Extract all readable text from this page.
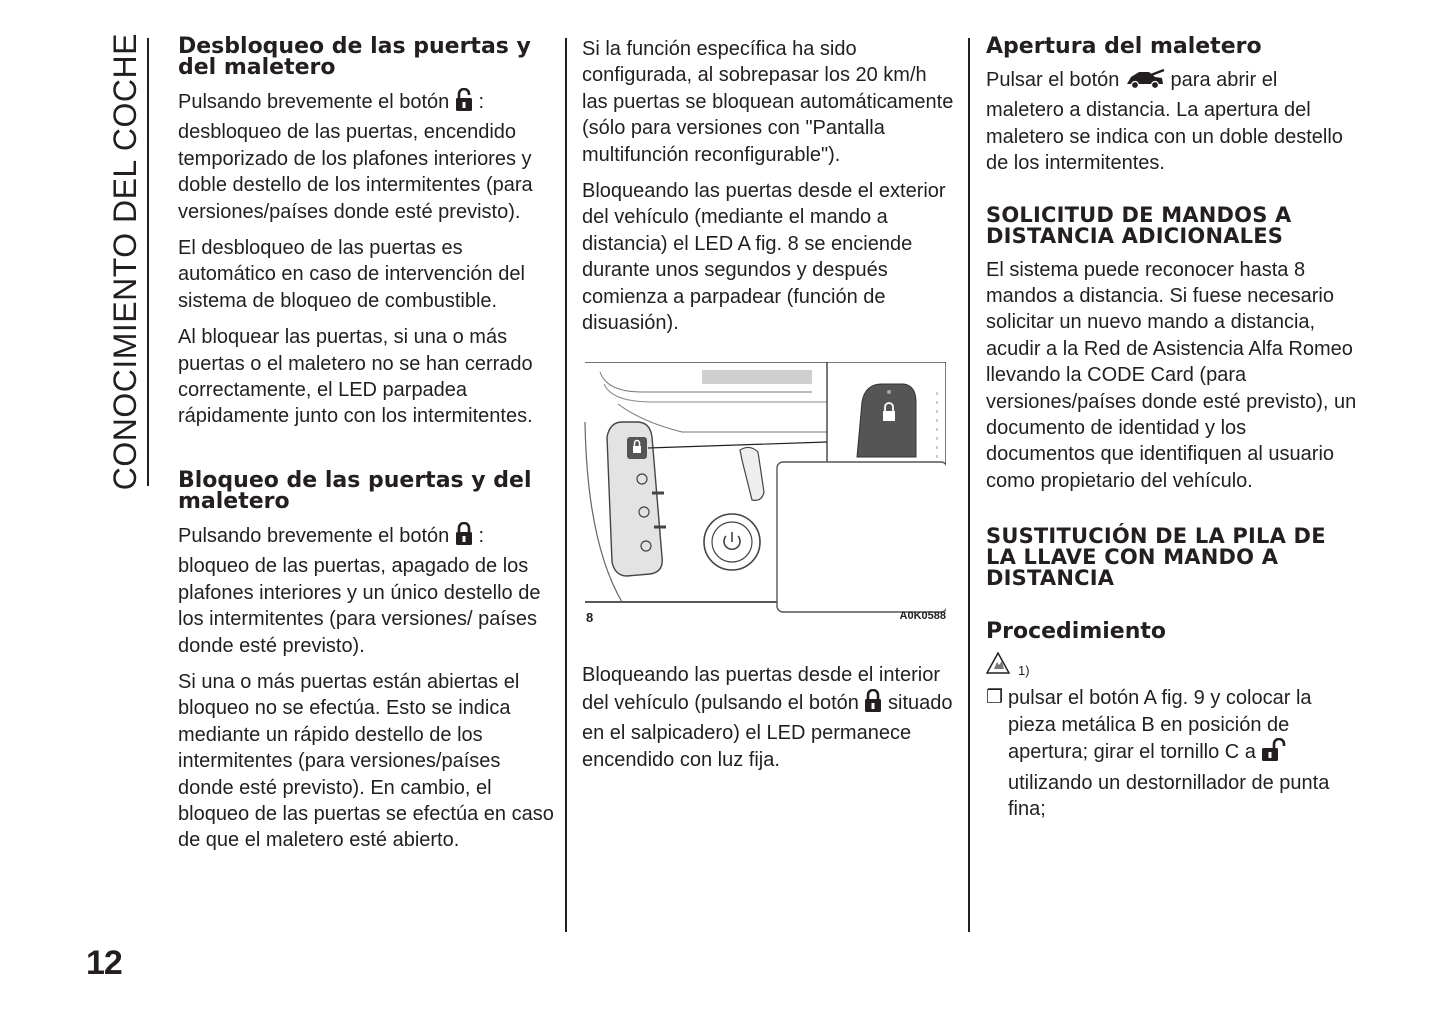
CONOCIMIENTO DEL COCHE
12
Desbloqueo de las puertas y del maletero

Pulsando brevemente el botón : desbloqueo de las puertas, encendido temporizado de los plafones interiores y doble destello de los intermitentes (para versiones/países donde esté previsto).

El desbloqueo de las puertas es automático en caso de intervención del sistema de bloqueo de combustible.

Al bloquear las puertas, si una o más puertas o el maletero no se han cerrado correctamente, el LED parpadea rápidamente junto con los intermitentes.

Bloqueo de las puertas y del maletero

Pulsando brevemente el botón : bloqueo de las puertas, apagado de los plafones interiores y un único destello de los intermitentes (para versiones/ países donde esté previsto).

Si una o más puertas están abiertas el bloqueo no se efectúa. Esto se indica mediante un rápido destello de los intermitentes (para versiones/países donde esté previsto). En cambio, el bloqueo de las puertas se efectúa en caso de que el maletero esté abierto.

Si la función específica ha sido configurada, al sobrepasar los 20 km/h las puertas se bloquean automáticamente (sólo para versiones con "Pantalla multifunción reconfigurable").

Bloqueando las puertas desde el exterior del vehículo (mediante el mando a distancia) el LED A fig. 8 se enciende durante unos segundos y después comienza a parpadear (función de disuasión).

8	A0K0588

Bloqueando las puertas desde el interior del vehículo (pulsando el botón situado en el salpicadero) el LED permanece encendido con luz fija.

Apertura del maletero

Pulsar el botón	para abrir el maletero a distancia. La apertura del maletero se indica con un doble destello de los intermitentes.

SOLICITUD DE MANDOS A DISTANCIA ADICIONALES

El sistema puede reconocer hasta 8 mandos a distancia. Si fuese necesario solicitar un nuevo mando a distancia, acudir a la Red de Asistencia Alfa Romeo llevando la CODE Card (para versiones/países donde esté previsto), un documento de identidad y los documentos que identifiquen al usuario como propietario del vehículo.

SUSTITUCIÓN DE LA PILA DE LA LLAVE CON MANDO A DISTANCIA
Procedimiento
1)
❒ pulsar el botón A fig. 9 y colocar la pieza metálica B en posición de apertura; girar el tornillo C a  utilizando un destornillador de punta fina;
